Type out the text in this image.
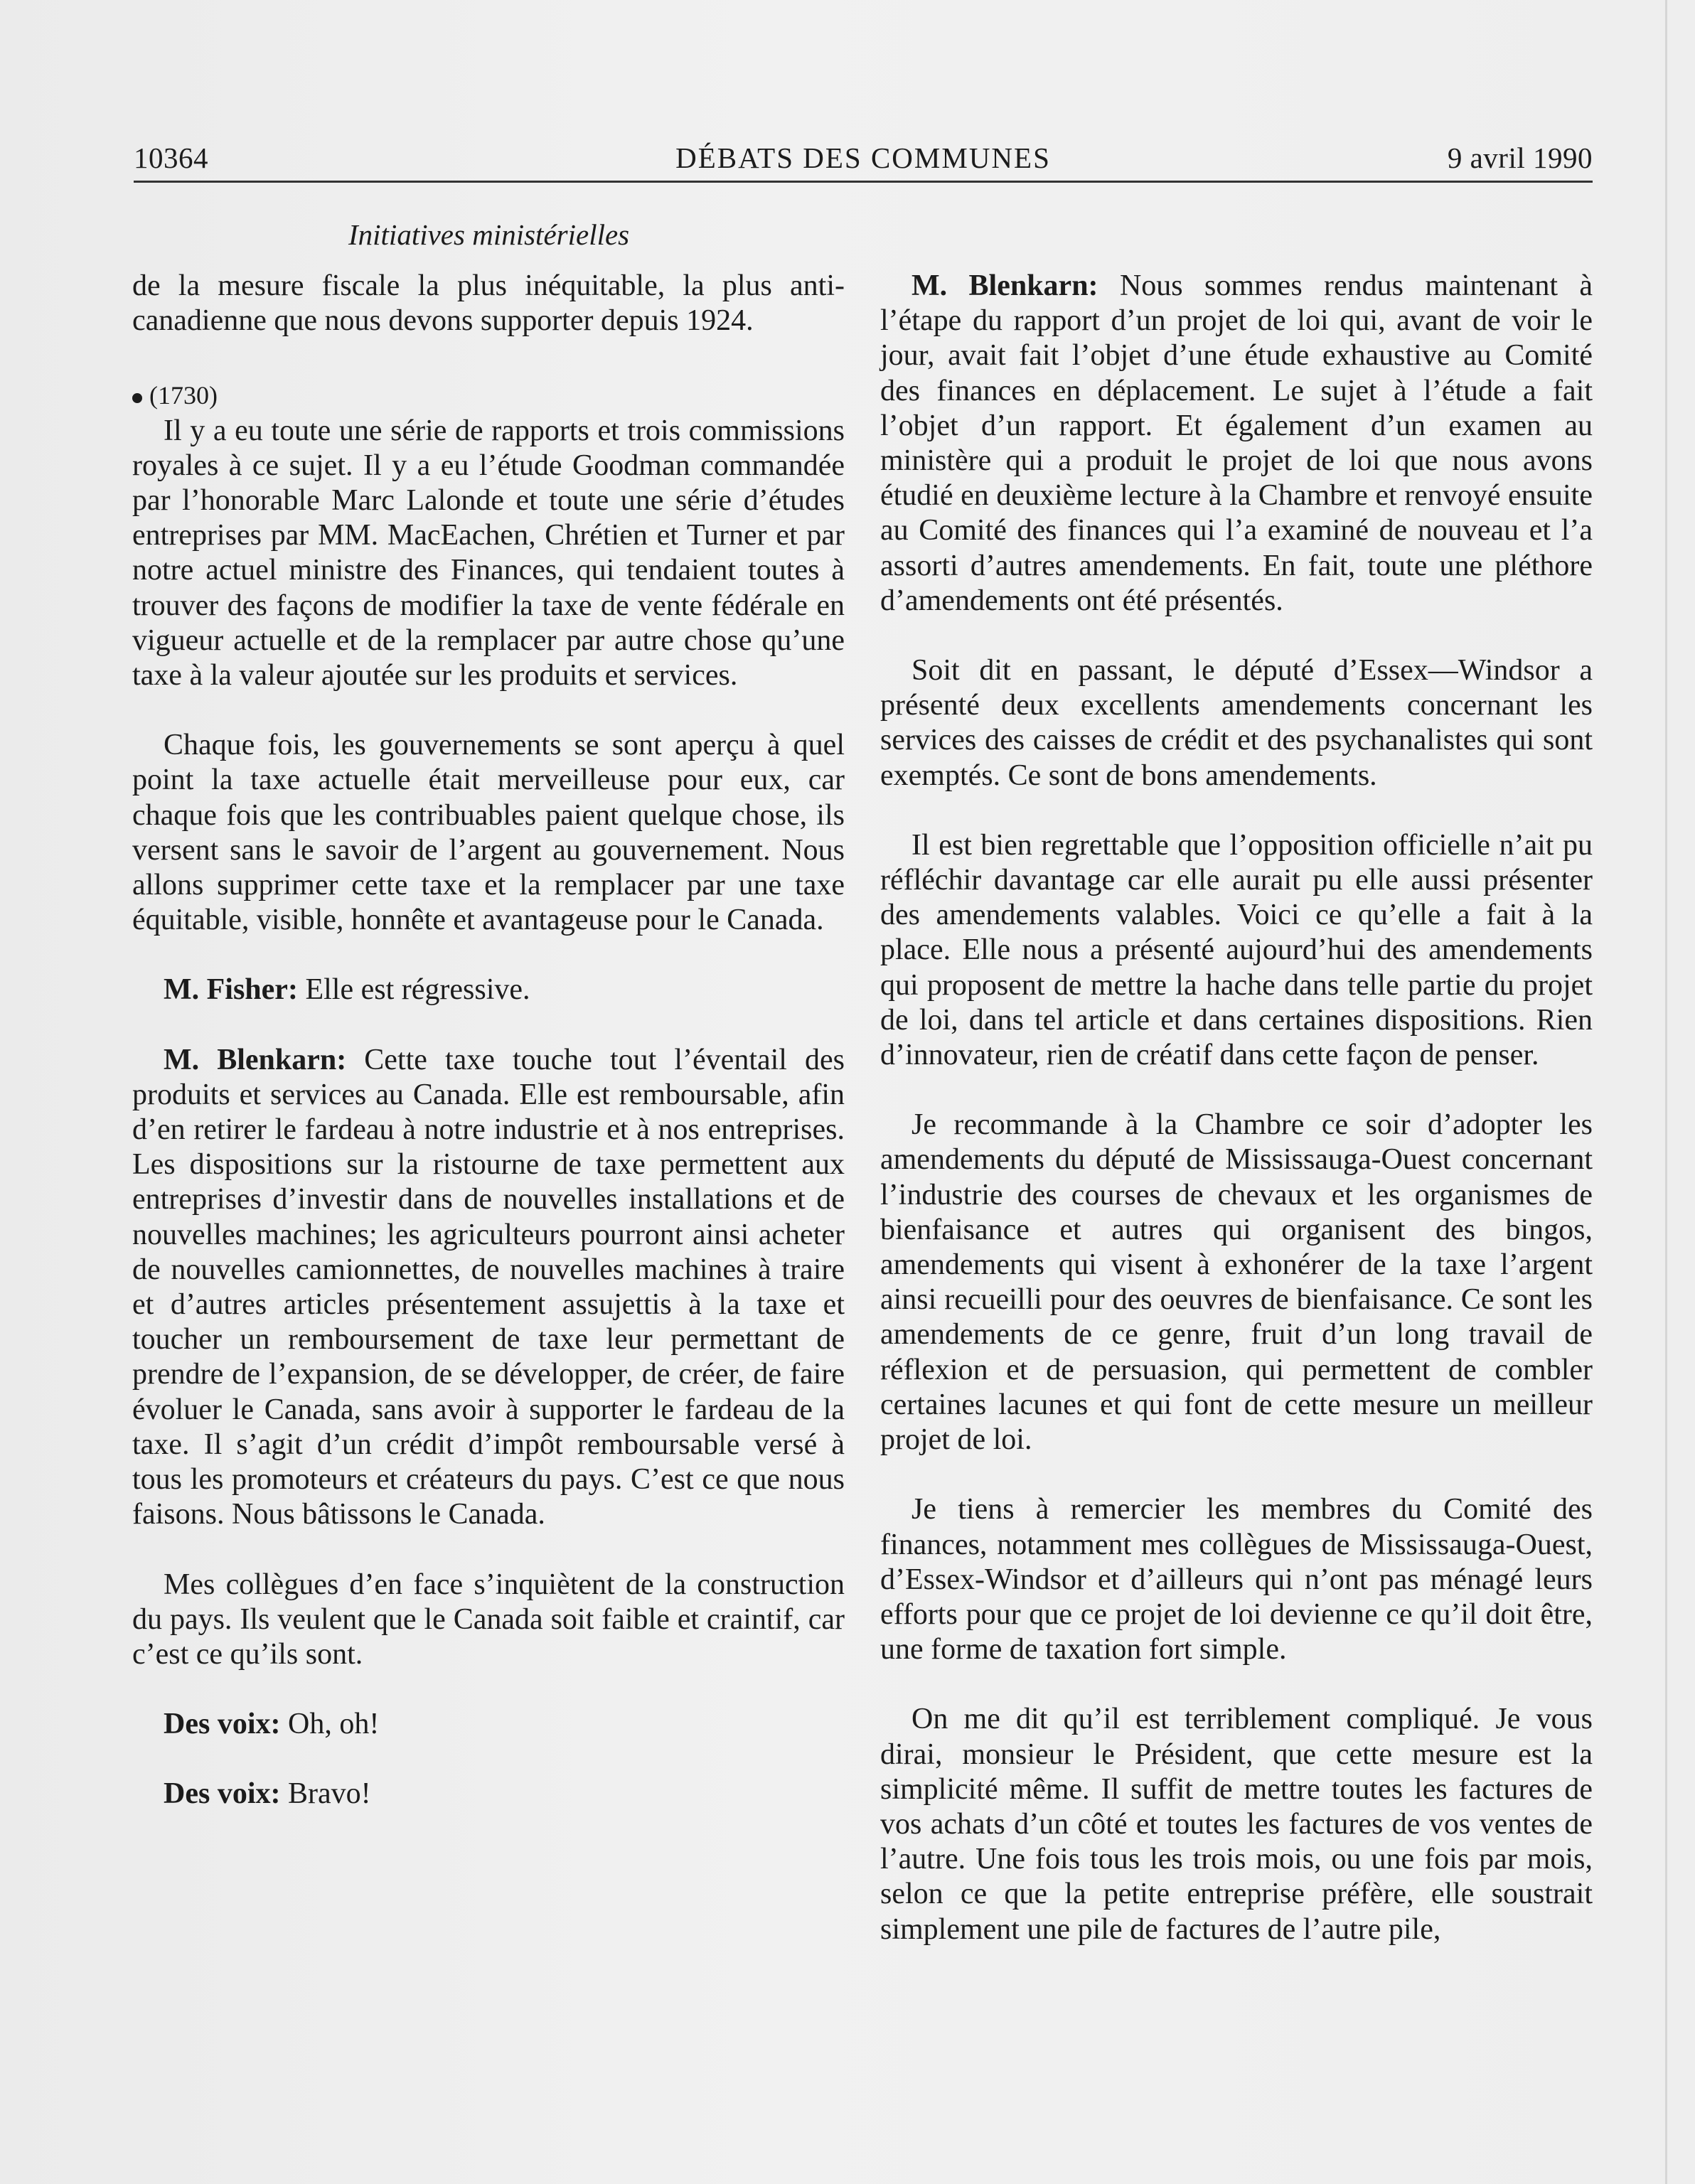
10364	DÉBATS DES COMMUNES	9 avril 1990
Initiatives ministérielles

de la mesure fiscale la plus inéquitable, la plus anti-canadienne que nous devons supporter depuis 1924.

(1730)

Il y a eu toute une série de rapports et trois commissions royales à ce sujet. Il y a eu l’étude Goodman commandée par l’honorable Marc Lalonde et toute une série d’études entreprises par MM. MacEachen, Chrétien et Turner et par notre actuel ministre des Finances, qui tendaient toutes à trouver des façons de modifier la taxe de vente fédérale en vigueur actuelle et de la remplacer par autre chose qu’une taxe à la valeur ajoutée sur les produits et services.

Chaque fois, les gouvernements se sont aperçu à quel point la taxe actuelle était merveilleuse pour eux, car chaque fois que les contribuables paient quelque chose, ils versent sans le savoir de l’argent au gouvernement. Nous allons supprimer cette taxe et la remplacer par une taxe équitable, visible, honnête et avantageuse pour le Canada.

M. Fisher: Elle est régressive.

M. Blenkarn: Cette taxe touche tout l’éventail des produits et services au Canada. Elle est remboursable, afin d’en retirer le fardeau à notre industrie et à nos entreprises. Les dispositions sur la ristourne de taxe permettent aux entreprises d’investir dans de nouvelles installations et de nouvelles machines; les agriculteurs pourront ainsi acheter de nouvelles camionnettes, de nouvelles machines à traire et d’autres articles présentement assujettis à la taxe et toucher un remboursement de taxe leur permettant de prendre de l’expansion, de se développer, de créer, de faire évoluer le Canada, sans avoir à supporter le fardeau de la taxe. Il s’agit d’un crédit d’impôt remboursable versé à tous les promoteurs et créateurs du pays. C’est ce que nous faisons. Nous bâtissons le Canada.

Mes collègues d’en face s’inquiètent de la construction du pays. Ils veulent que le Canada soit faible et craintif, car c’est ce qu’ils sont.

Des voix: Oh, oh!

Des voix: Bravo!

M. Blenkarn: Nous sommes rendus maintenant à l’étape du rapport d’un projet de loi qui, avant de voir le jour, avait fait l’objet d’une étude exhaustive au Comité des finances en déplacement. Le sujet à l’étude a fait l’objet d’un rapport. Et également d’un examen au ministère qui a produit le projet de loi que nous avons étudié en deuxième lecture à la Chambre et renvoyé ensuite au Comité des finances qui l’a examiné de nouveau et l’a assorti d’autres amendements. En fait, toute une pléthore d’amendements ont été présentés.

Soit dit en passant, le député d’Essex—Windsor a présenté deux excellents amendements concernant les services des caisses de crédit et des psychanalistes qui sont exemptés. Ce sont de bons amendements.

Il est bien regrettable que l’opposition officielle n’ait pu réfléchir davantage car elle aurait pu elle aussi présenter des amendements valables. Voici ce qu’elle a fait à la place. Elle nous a présenté aujourd’hui des amendements qui proposent de mettre la hache dans telle partie du projet de loi, dans tel article et dans certaines dispositions. Rien d’innovateur, rien de créatif dans cette façon de penser.

Je recommande à la Chambre ce soir d’adopter les amendements du député de Mississauga-Ouest concernant l’industrie des courses de chevaux et les organismes de bienfaisance et autres qui organisent des bingos, amendements qui visent à exhonérer de la taxe l’argent ainsi recueilli pour des oeuvres de bienfaisance. Ce sont les amendements de ce genre, fruit d’un long travail de réflexion et de persuasion, qui permettent de combler certaines lacunes et qui font de cette mesure un meilleur projet de loi.

Je tiens à remercier les membres du Comité des finances, notamment mes collègues de Mississauga-Ouest, d’Essex-Windsor et d’ailleurs qui n’ont pas ménagé leurs efforts pour que ce projet de loi devienne ce qu’il doit être, une forme de taxation fort simple.

On me dit qu’il est terriblement compliqué. Je vous dirai, monsieur le Président, que cette mesure est la simplicité même. Il suffit de mettre toutes les factures de vos achats d’un côté et toutes les factures de vos ventes de l’autre. Une fois tous les trois mois, ou une fois par mois, selon ce que la petite entreprise préfère, elle soustrait simplement une pile de factures de l’autre pile,
